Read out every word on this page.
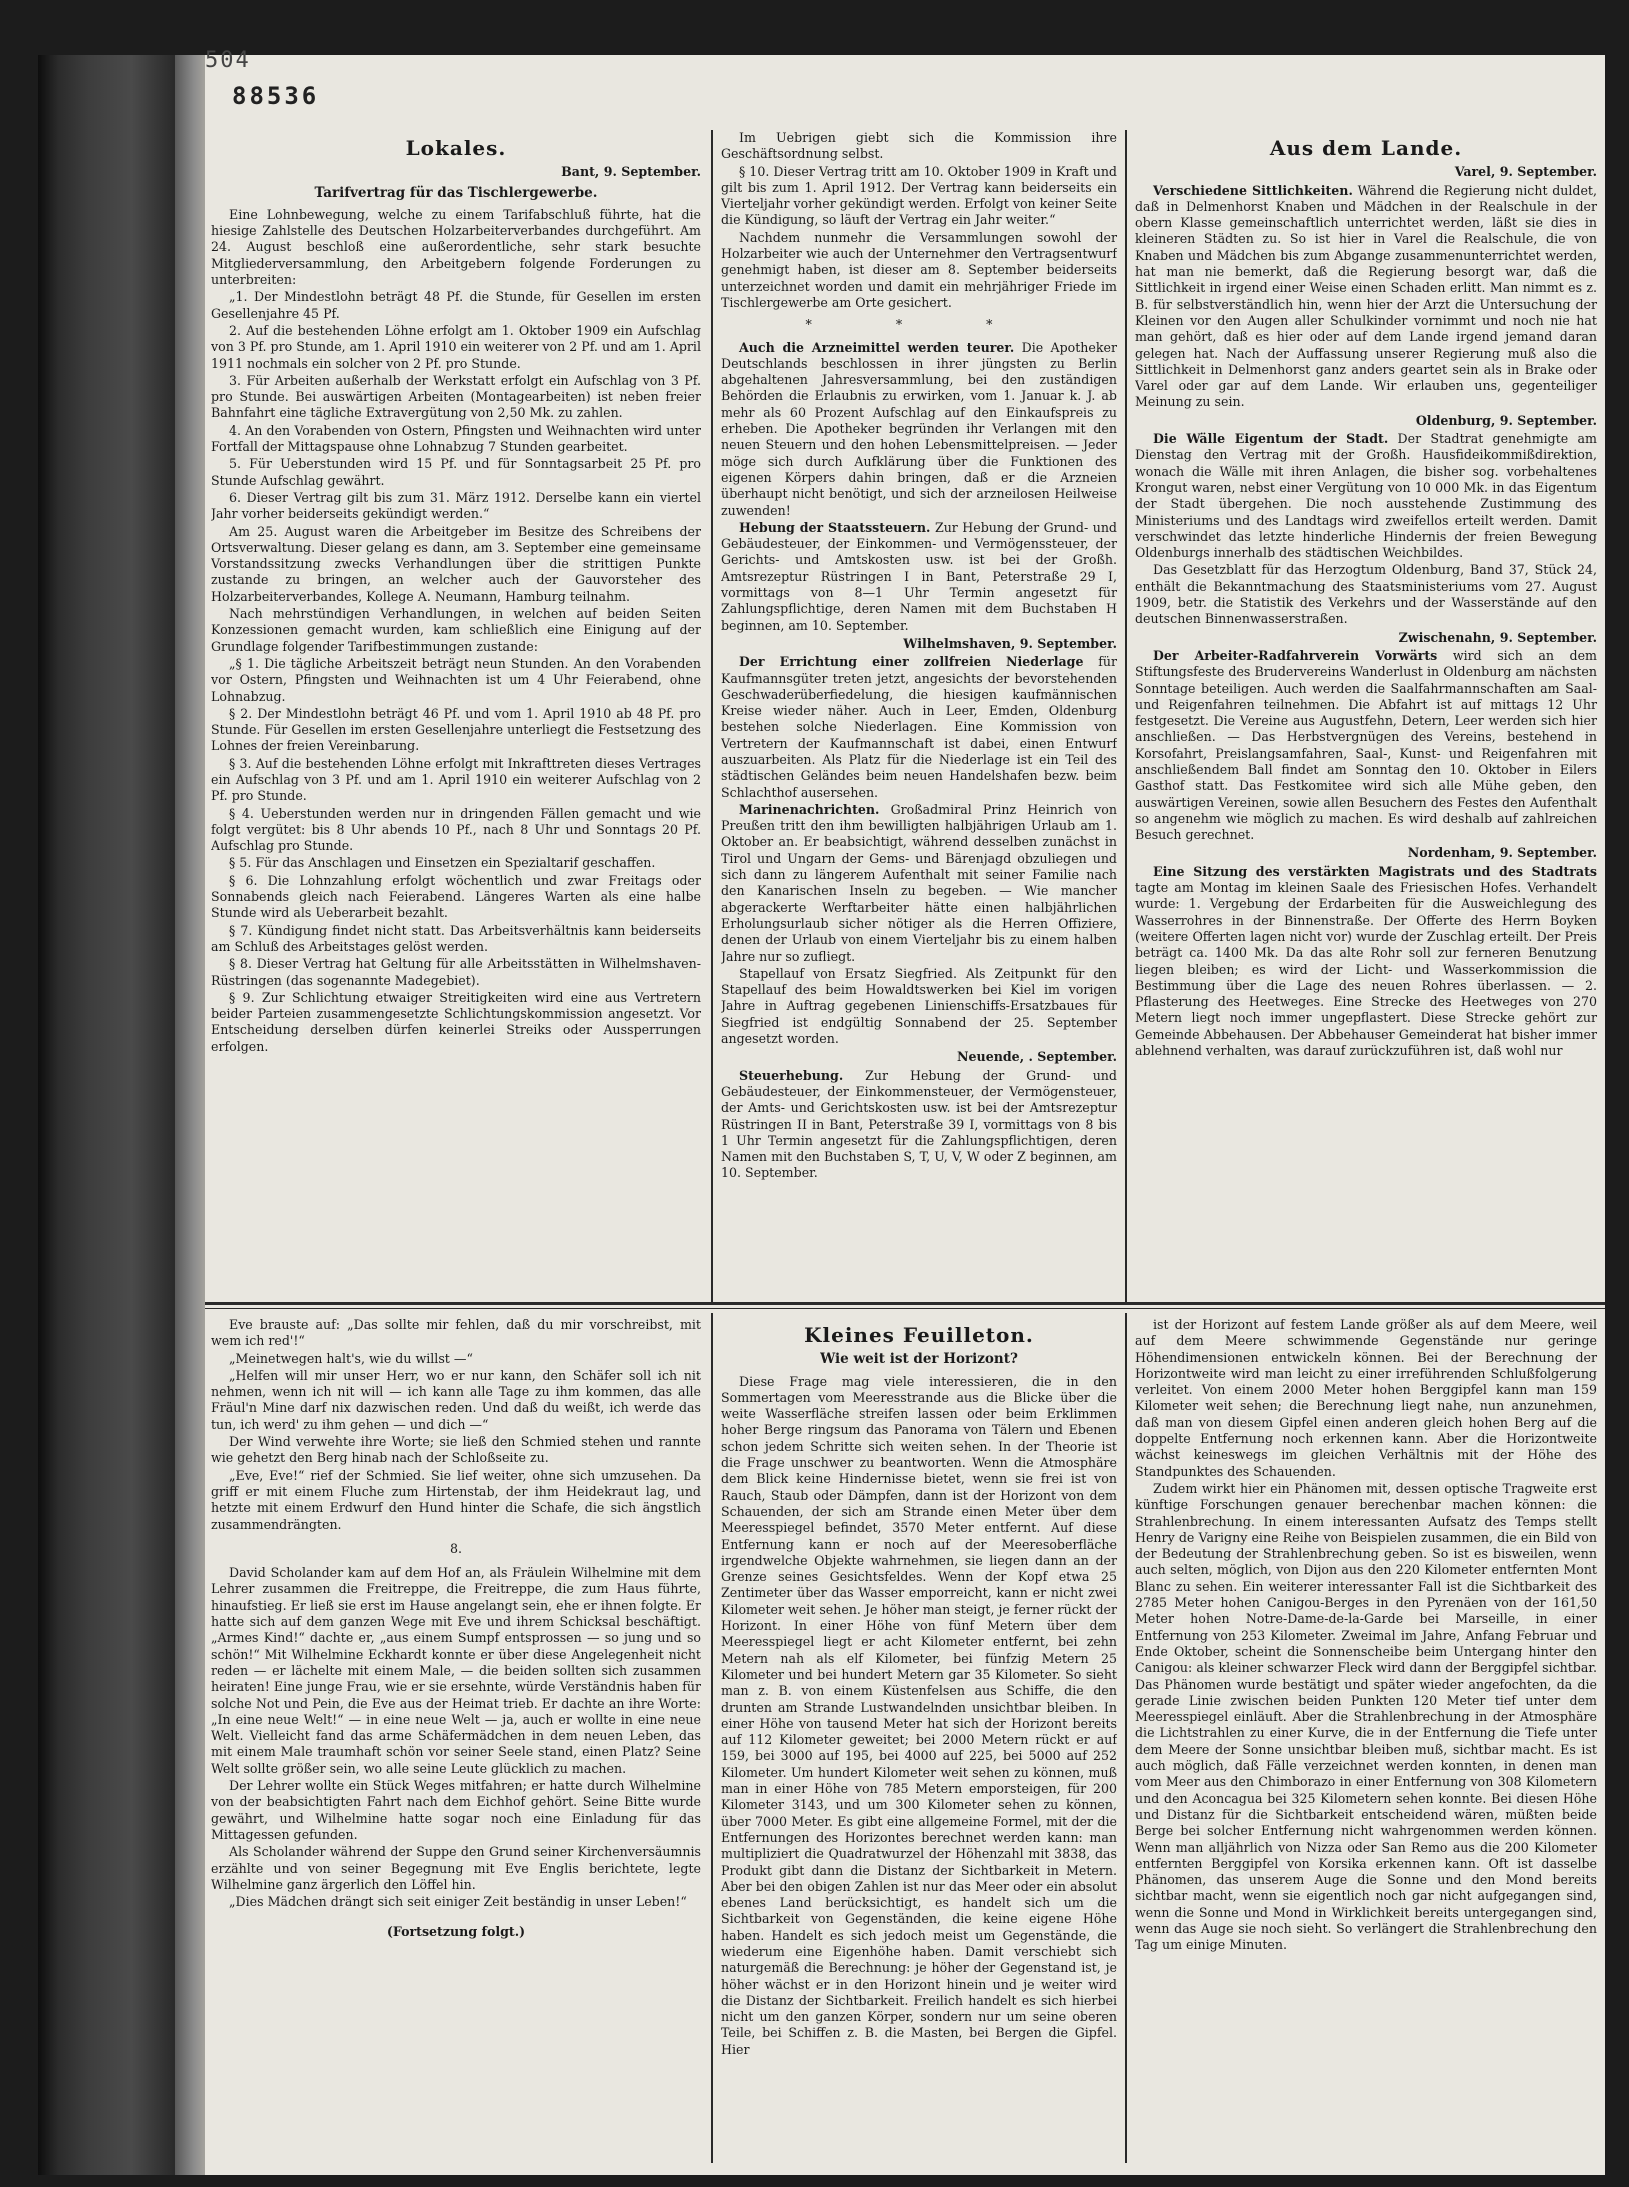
Lokales.
Bant, 9. September.
Tarifvertrag für das Tischlergewerbe.

Eine Lohnbewegung, welche zu einem Tarifabschluß führte, hat die hiesige Zahlstelle des Deutschen Holzarbeiterverbandes durchgeführt. Am 24. August beschloß eine außerordentliche, sehr stark besuchte Mitgliederversammlung, den Arbeitgebern folgende Forderungen zu unterbreiten:

„1. Der Mindestlohn beträgt 48 Pf. die Stunde, für Gesellen im ersten Gesellenjahre 45 Pf.

2. Auf die bestehenden Löhne erfolgt am 1. Oktober 1909 ein Aufschlag von 3 Pf. pro Stunde, am 1. April 1910 ein weiterer von 2 Pf. und am 1. April 1911 nochmals ein solcher von 2 Pf. pro Stunde.

3. Für Arbeiten außerhalb der Werkstatt erfolgt ein Aufschlag von 3 Pf. pro Stunde. Bei auswärtigen Arbeiten (Montagearbeiten) ist neben freier Bahnfahrt eine tägliche Extravergütung von 2,50 Mk. zu zahlen.

4. An den Vorabenden von Ostern, Pfingsten und Weihnachten wird unter Fortfall der Mittagspause ohne Lohnabzug 7 Stunden gearbeitet.

5. Für Ueberstunden wird 15 Pf. und für Sonntagsarbeit 25 Pf. pro Stunde Aufschlag gewährt.

6. Dieser Vertrag gilt bis zum 31. März 1912. Derselbe kann ein viertel Jahr vorher beiderseits gekündigt werden.“

Am 25. August waren die Arbeitgeber im Besitze des Schreibens der Ortsverwaltung. Dieser gelang es dann, am 3. September eine gemeinsame Vorstandssitzung zwecks Verhandlungen über die strittigen Punkte zustande zu bringen, an welcher auch der Gauvorsteher des Holzarbeiterverbandes, Kollege A. Neumann, Hamburg teilnahm.

Nach mehrstündigen Verhandlungen, in welchen auf beiden Seiten Konzessionen gemacht wurden, kam schließlich eine Einigung auf der Grundlage folgender Tarifbestimmungen zustande:

„§ 1. Die tägliche Arbeitszeit beträgt neun Stunden. An den Vorabenden vor Ostern, Pfingsten und Weihnachten ist um 4 Uhr Feierabend, ohne Lohnabzug.

§ 2. Der Mindestlohn beträgt 46 Pf. und vom 1. April 1910 ab 48 Pf. pro Stunde. Für Gesellen im ersten Gesellenjahre unterliegt die Festsetzung des Lohnes der freien Vereinbarung.

§ 3. Auf die bestehenden Löhne erfolgt mit Inkrafttreten dieses Vertrages ein Aufschlag von 3 Pf. und am 1. April 1910 ein weiterer Aufschlag von 2 Pf. pro Stunde.

§ 4. Ueberstunden werden nur in dringenden Fällen gemacht und wie folgt vergütet: bis 8 Uhr abends 10 Pf., nach 8 Uhr und Sonntags 20 Pf. Aufschlag pro Stunde.

§ 5. Für das Anschlagen und Einsetzen ein Spezialtarif geschaffen.

§ 6. Die Lohnzahlung erfolgt wöchentlich und zwar Freitags oder Sonnabends gleich nach Feierabend. Längeres Warten als eine halbe Stunde wird als Ueberarbeit bezahlt.

§ 7. Kündigung findet nicht statt. Das Arbeitsverhältnis kann beiderseits am Schluß des Arbeitstages gelöst werden.

§ 8. Dieser Vertrag hat Geltung für alle Arbeitsstätten in Wilhelmshaven-Rüstringen (das sogenannte Madegebiet).

§ 9. Zur Schlichtung etwaiger Streitigkeiten wird eine aus Vertretern beider Parteien zusammengesetzte Schlichtungskommission angesetzt. Vor Entscheidung derselben dürfen keinerlei Streiks oder Aussperrungen erfolgen.

Im Uebrigen giebt sich die Kommission ihre Geschäftsordnung selbst.

§ 10. Dieser Vertrag tritt am 10. Oktober 1909 in Kraft und gilt bis zum 1. April 1912. Der Vertrag kann beiderseits ein Vierteljahr vorher gekündigt werden. Erfolgt von keiner Seite die Kündigung, so läuft der Vertrag ein Jahr weiter.“

Nachdem nunmehr die Versammlungen sowohl der Holzarbeiter wie auch der Unternehmer den Vertragsentwurf genehmigt haben, ist dieser am 8. September beiderseits unterzeichnet worden und damit ein mehrjähriger Friede im Tischlergewerbe am Orte gesichert.

* * *

Auch die Arzneimittel werden teurer. Die Apotheker Deutschlands beschlossen in ihrer jüngsten zu Berlin abgehaltenen Jahresversammlung, bei den zuständigen Behörden die Erlaubnis zu erwirken, vom 1. Januar k. J. ab mehr als 60 Prozent Aufschlag auf den Einkaufspreis zu erheben. Die Apotheker begründen ihr Verlangen mit den neuen Steuern und den hohen Lebensmittelpreisen. — Jeder möge sich durch Aufklärung über die Funktionen des eigenen Körpers dahin bringen, daß er die Arzneien überhaupt nicht benötigt, und sich der arzneilosen Heilweise zuwenden!

Hebung der Staatssteuern. Zur Hebung der Grund- und Gebäudesteuer, der Einkommen- und Vermögenssteuer, der Gerichts- und Amtskosten usw. ist bei der Großh. Amtsrezeptur Rüstringen I in Bant, Peterstraße 29 I, vormittags von 8—1 Uhr Termin angesetzt für Zahlungspflichtige, deren Namen mit dem Buchstaben H beginnen, am 10. September.

Wilhelmshaven, 9. September.

Der Errichtung einer zollfreien Niederlage für Kaufmannsgüter treten jetzt, angesichts der bevorstehenden Geschwaderüberfiedelung, die hiesigen kaufmännischen Kreise wieder näher. Auch in Leer, Emden, Oldenburg bestehen solche Niederlagen. Eine Kommission von Vertretern der Kaufmannschaft ist dabei, einen Entwurf auszuarbeiten. Als Platz für die Niederlage ist ein Teil des städtischen Geländes beim neuen Handelshafen bezw. beim Schlachthof ausersehen.

Marinenachrichten. Großadmiral Prinz Heinrich von Preußen tritt den ihm bewilligten halbjährigen Urlaub am 1. Oktober an. Er beabsichtigt, während desselben zunächst in Tirol und Ungarn der Gems- und Bärenjagd obzuliegen und sich dann zu längerem Aufenthalt mit seiner Familie nach den Kanarischen Inseln zu begeben. — Wie mancher abgerackerte Werftarbeiter hätte einen halbjährlichen Erholungsurlaub sicher nötiger als die Herren Offiziere, denen der Urlaub von einem Vierteljahr bis zu einem halben Jahre nur so zufliegt.

Stapellauf von Ersatz Siegfried. Als Zeitpunkt für den Stapellauf des beim Howaldtswerken bei Kiel im vorigen Jahre in Auftrag gegebenen Linienschiffs-Ersatzbaues für Siegfried ist endgültig Sonnabend der 25. September angesetzt worden.

Neuende, . September.

Steuerhebung. Zur Hebung der Grund- und Gebäudesteuer, der Einkommensteuer, der Vermögensteuer, der Amts- und Gerichtskosten usw. ist bei der Amtsrezeptur Rüstringen II in Bant, Peterstraße 39 I, vormittags von 8 bis 1 Uhr Termin angesetzt für die Zahlungspflichtigen, deren Namen mit den Buchstaben S, T, U, V, W oder Z beginnen, am 10. September.

Aus dem Lande.
Varel, 9. September.

Verschiedene Sittlichkeiten. Während die Regierung nicht duldet, daß in Delmenhorst Knaben und Mädchen in der Realschule in der obern Klasse gemeinschaftlich unterrichtet werden, läßt sie dies in kleineren Städten zu. So ist hier in Varel die Realschule, die von Knaben und Mädchen bis zum Abgange zusammenunterrichtet werden, hat man nie bemerkt, daß die Regierung besorgt war, daß die Sittlichkeit in irgend einer Weise einen Schaden erlitt. Man nimmt es z. B. für selbstverständlich hin, wenn hier der Arzt die Untersuchung der Kleinen vor den Augen aller Schulkinder vornimmt und noch nie hat man gehört, daß es hier oder auf dem Lande irgend jemand daran gelegen hat. Nach der Auffassung unserer Regierung muß also die Sittlichkeit in Delmenhorst ganz anders geartet sein als in Brake oder Varel oder gar auf dem Lande. Wir erlauben uns, gegenteiliger Meinung zu sein.

Oldenburg, 9. September.

Die Wälle Eigentum der Stadt. Der Stadtrat genehmigte am Dienstag den Vertrag mit der Großh. Hausfideikommißdirektion, wonach die Wälle mit ihren Anlagen, die bisher sog. vorbehaltenes Krongut waren, nebst einer Vergütung von 10 000 Mk. in das Eigentum der Stadt übergehen. Die noch ausstehende Zustimmung des Ministeriums und des Landtags wird zweifellos erteilt werden. Damit verschwindet das letzte hinderliche Hindernis der freien Bewegung Oldenburgs innerhalb des städtischen Weichbildes.

Das Gesetzblatt für das Herzogtum Oldenburg, Band 37, Stück 24, enthält die Bekanntmachung des Staatsministeriums vom 27. August 1909, betr. die Statistik des Verkehrs und der Wasserstände auf den deutschen Binnenwasserstraßen.

Zwischenahn, 9. September.

Der Arbeiter-Radfahrverein Vorwärts wird sich an dem Stiftungsfeste des Brudervereins Wanderlust in Oldenburg am nächsten Sonntage beteiligen. Auch werden die Saalfahrmannschaften am Saal- und Reigenfahren teilnehmen. Die Abfahrt ist auf mittags 12 Uhr festgesetzt. Die Vereine aus Augustfehn, Detern, Leer werden sich hier anschließen. — Das Herbstvergnügen des Vereins, bestehend in Korsofahrt, Preislangsamfahren, Saal-, Kunst- und Reigenfahren mit anschließendem Ball findet am Sonntag den 10. Oktober in Eilers Gasthof statt. Das Festkomitee wird sich alle Mühe geben, den auswärtigen Vereinen, sowie allen Besuchern des Festes den Aufenthalt so angenehm wie möglich zu machen. Es wird deshalb auf zahlreichen Besuch gerechnet.

Nordenham, 9. September.

Eine Sitzung des verstärkten Magistrats und des Stadtrats tagte am Montag im kleinen Saale des Friesischen Hofes. Verhandelt wurde: 1. Vergebung der Erdarbeiten für die Ausweichlegung des Wasserrohres in der Binnenstraße. Der Offerte des Herrn Boyken (weitere Offerten lagen nicht vor) wurde der Zuschlag erteilt. Der Preis beträgt ca. 1400 Mk. Da das alte Rohr soll zur ferneren Benutzung liegen bleiben; es wird der Licht- und Wasserkommission die Bestimmung über die Lage des neuen Rohres überlassen. — 2. Pflasterung des Heetweges. Eine Strecke des Heetweges von 270 Metern liegt noch immer ungepflastert. Diese Strecke gehört zur Gemeinde Abbehausen. Der Abbehauser Gemeinderat hat bisher immer ablehnend verhalten, was darauf zurückzuführen ist, daß wohl nur

Eve brauste auf: „Das sollte mir fehlen, daß du mir vorschreibst, mit wem ich red'!“

„Meinetwegen halt's, wie du willst —“

„Helfen will mir unser Herr, wo er nur kann, den Schäfer soll ich nit nehmen, wenn ich nit will — ich kann alle Tage zu ihm kommen, das alle Fräul'n Mine darf nix dazwischen reden. Und daß du weißt, ich werde das tun, ich werd' zu ihm gehen — und dich —“

Der Wind verwehte ihre Worte; sie ließ den Schmied stehen und rannte wie gehetzt den Berg hinab nach der Schloßseite zu.

„Eve, Eve!“ rief der Schmied. Sie lief weiter, ohne sich umzusehen. Da griff er mit einem Fluche zum Hirtenstab, der ihm Heidekraut lag, und hetzte mit einem Erdwurf den Hund hinter die Schafe, die sich ängstlich zusammendrängten.

8.

David Scholander kam auf dem Hof an, als Fräulein Wilhelmine mit dem Lehrer zusammen die Freitreppe, die Freitreppe, die zum Haus führte, hinaufstieg. Er ließ sie erst im Hause angelangt sein, ehe er ihnen folgte. Er hatte sich auf dem ganzen Wege mit Eve und ihrem Schicksal beschäftigt. „Armes Kind!“ dachte er, „aus einem Sumpf entsprossen — so jung und so schön!“ Mit Wilhelmine Eckhardt konnte er über diese Angelegenheit nicht reden — er lächelte mit einem Male, — die beiden sollten sich zusammen heiraten! Eine junge Frau, wie er sie ersehnte, würde Verständnis haben für solche Not und Pein, die Eve aus der Heimat trieb. Er dachte an ihre Worte: „In eine neue Welt!“ — in eine neue Welt — ja, auch er wollte in eine neue Welt. Vielleicht fand das arme Schäfermädchen in dem neuen Leben, das mit einem Male traumhaft schön vor seiner Seele stand, einen Platz? Seine Welt sollte größer sein, wo alle seine Leute glücklich zu machen.

Der Lehrer wollte ein Stück Weges mitfahren; er hatte durch Wilhelmine von der beabsichtigten Fahrt nach dem Eichhof gehört. Seine Bitte wurde gewährt, und Wilhelmine hatte sogar noch eine Einladung für das Mittagessen gefunden.

Als Scholander während der Suppe den Grund seiner Kirchenversäumnis erzählte und von seiner Begegnung mit Eve Englis berichtete, legte Wilhelmine ganz ärgerlich den Löffel hin.

„Dies Mädchen drängt sich seit einiger Zeit beständig in unser Leben!“

(Fortsetzung folgt.)
Kleines Feuilleton.
Wie weit ist der Horizont?

Diese Frage mag viele interessieren, die in den Sommertagen vom Meeresstrande aus die Blicke über die weite Wasserfläche streifen lassen oder beim Erklimmen hoher Berge ringsum das Panorama von Tälern und Ebenen schon jedem Schritte sich weiten sehen. In der Theorie ist die Frage unschwer zu beantworten. Wenn die Atmosphäre dem Blick keine Hindernisse bietet, wenn sie frei ist von Rauch, Staub oder Dämpfen, dann ist der Horizont von dem Schauenden, der sich am Strande einen Meter über dem Meeresspiegel befindet, 3570 Meter entfernt. Auf diese Entfernung kann er noch auf der Meeresoberfläche irgendwelche Objekte wahrnehmen, sie liegen dann an der Grenze seines Gesichtsfeldes. Wenn der Kopf etwa 25 Zentimeter über das Wasser emporreicht, kann er nicht zwei Kilometer weit sehen. Je höher man steigt, je ferner rückt der Horizont. In einer Höhe von fünf Metern über dem Meeresspiegel liegt er acht Kilometer entfernt, bei zehn Metern nah als elf Kilometer, bei fünfzig Metern 25 Kilometer und bei hundert Metern gar 35 Kilometer. So sieht man z. B. von einem Küstenfelsen aus Schiffe, die den drunten am Strande Lustwandelnden unsichtbar bleiben. In einer Höhe von tausend Meter hat sich der Horizont bereits auf 112 Kilometer geweitet; bei 2000 Metern rückt er auf 159, bei 3000 auf 195, bei 4000 auf 225, bei 5000 auf 252 Kilometer. Um hundert Kilometer weit sehen zu können, muß man in einer Höhe von 785 Metern emporsteigen, für 200 Kilometer 3143, und um 300 Kilometer sehen zu können, über 7000 Meter. Es gibt eine allgemeine Formel, mit der die Entfernungen des Horizontes berechnet werden kann: man multipliziert die Quadratwurzel der Höhenzahl mit 3838, das Produkt gibt dann die Distanz der Sichtbarkeit in Metern. Aber bei den obigen Zahlen ist nur das Meer oder ein absolut ebenes Land berücksichtigt, es handelt sich um die Sichtbarkeit von Gegenständen, die keine eigene Höhe haben. Handelt es sich jedoch meist um Gegenstände, die wiederum eine Eigenhöhe haben. Damit verschiebt sich naturgemäß die Berechnung: je höher der Gegenstand ist, je höher wächst er in den Horizont hinein und je weiter wird die Distanz der Sichtbarkeit. Freilich handelt es sich hierbei nicht um den ganzen Körper, sondern nur um seine oberen Teile, bei Schiffen z. B. die Masten, bei Bergen die Gipfel. Hier

ist der Horizont auf festem Lande größer als auf dem Meere, weil auf dem Meere schwimmende Gegenstände nur geringe Höhendimensionen entwickeln können. Bei der Berechnung der Horizontweite wird man leicht zu einer irreführenden Schlußfolgerung verleitet. Von einem 2000 Meter hohen Berggipfel kann man 159 Kilometer weit sehen; die Berechnung liegt nahe, nun anzunehmen, daß man von diesem Gipfel einen anderen gleich hohen Berg auf die doppelte Entfernung noch erkennen kann. Aber die Horizontweite wächst keineswegs im gleichen Verhältnis mit der Höhe des Standpunktes des Schauenden.

Zudem wirkt hier ein Phänomen mit, dessen optische Tragweite erst künftige Forschungen genauer berechenbar machen können: die Strahlenbrechung. In einem interessanten Aufsatz des Temps stellt Henry de Varigny eine Reihe von Beispielen zusammen, die ein Bild von der Bedeutung der Strahlenbrechung geben. So ist es bisweilen, wenn auch selten, möglich, von Dijon aus den 220 Kilometer entfernten Mont Blanc zu sehen. Ein weiterer interessanter Fall ist die Sichtbarkeit des 2785 Meter hohen Canigou-Berges in den Pyrenäen von der 161,50 Meter hohen Notre-Dame-de-la-Garde bei Marseille, in einer Entfernung von 253 Kilometer. Zweimal im Jahre, Anfang Februar und Ende Oktober, scheint die Sonnenscheibe beim Untergang hinter den Canigou: als kleiner schwarzer Fleck wird dann der Berggipfel sichtbar. Das Phänomen wurde bestätigt und später wieder angefochten, da die gerade Linie zwischen beiden Punkten 120 Meter tief unter dem Meeresspiegel einläuft. Aber die Strahlenbrechung in der Atmosphäre die Lichtstrahlen zu einer Kurve, die in der Entfernung die Tiefe unter dem Meere der Sonne unsichtbar bleiben muß, sichtbar macht. Es ist auch möglich, daß Fälle verzeichnet werden konnten, in denen man vom Meer aus den Chimborazo in einer Entfernung von 308 Kilometern und den Aconcagua bei 325 Kilometern sehen konnte. Bei diesen Höhe und Distanz für die Sichtbarkeit entscheidend wären, müßten beide Berge bei solcher Entfernung nicht wahrgenommen werden können. Wenn man alljährlich von Nizza oder San Remo aus die 200 Kilometer entfernten Berggipfel von Korsika erkennen kann. Oft ist dasselbe Phänomen, das unserem Auge die Sonne und den Mond bereits sichtbar macht, wenn sie eigentlich noch gar nicht aufgegangen sind, wenn die Sonne und Mond in Wirklichkeit bereits untergegangen sind, wenn das Auge sie noch sieht. So verlängert die Strahlenbrechung den Tag um einige Minuten.

504
88536
